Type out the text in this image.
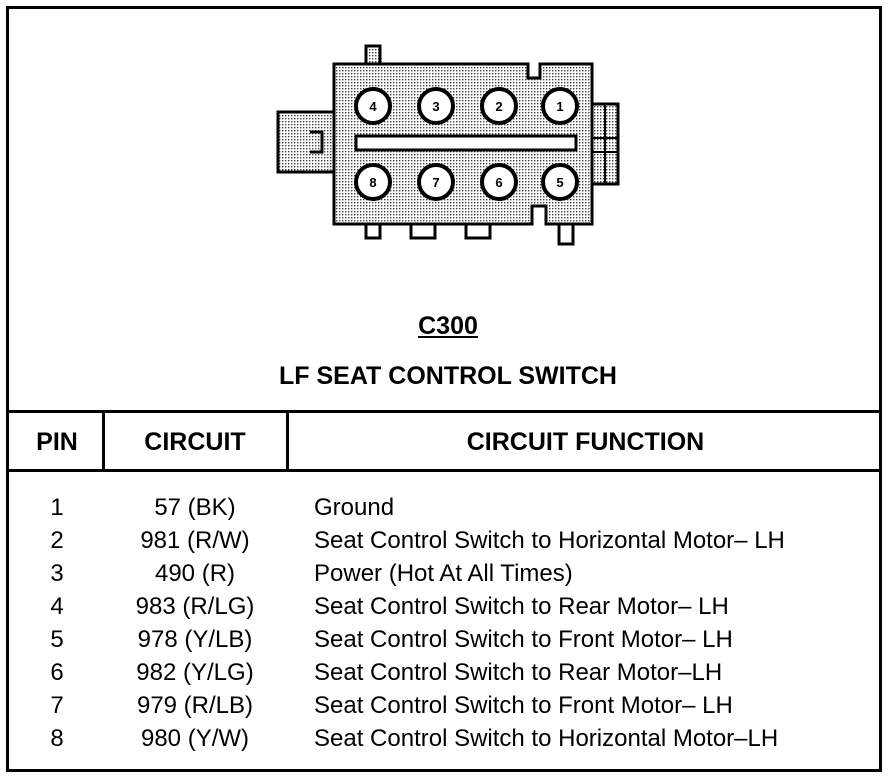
4	3	2	1
8	7	6	5
C300
LF SEAT CONTROL SWITCH
PIN	CIRCUIT	CIRCUIT FUNCTION
1	57 (BK)	Ground
2	981 (R/W)	Seat Control Switch to Horizontal Motor– LH
3	490 (R)	Power (Hot At All Times)
4	983 (R/LG)	Seat Control Switch to Rear Motor– LH
5	978 (Y/LB)	Seat Control Switch to Front Motor– LH
6	982 (Y/LG)	Seat Control Switch to Rear Motor–LH
7	979 (R/LB)	Seat Control Switch to Front Motor– LH
8	980 (Y/W)	Seat Control Switch to Horizontal Motor–LH
